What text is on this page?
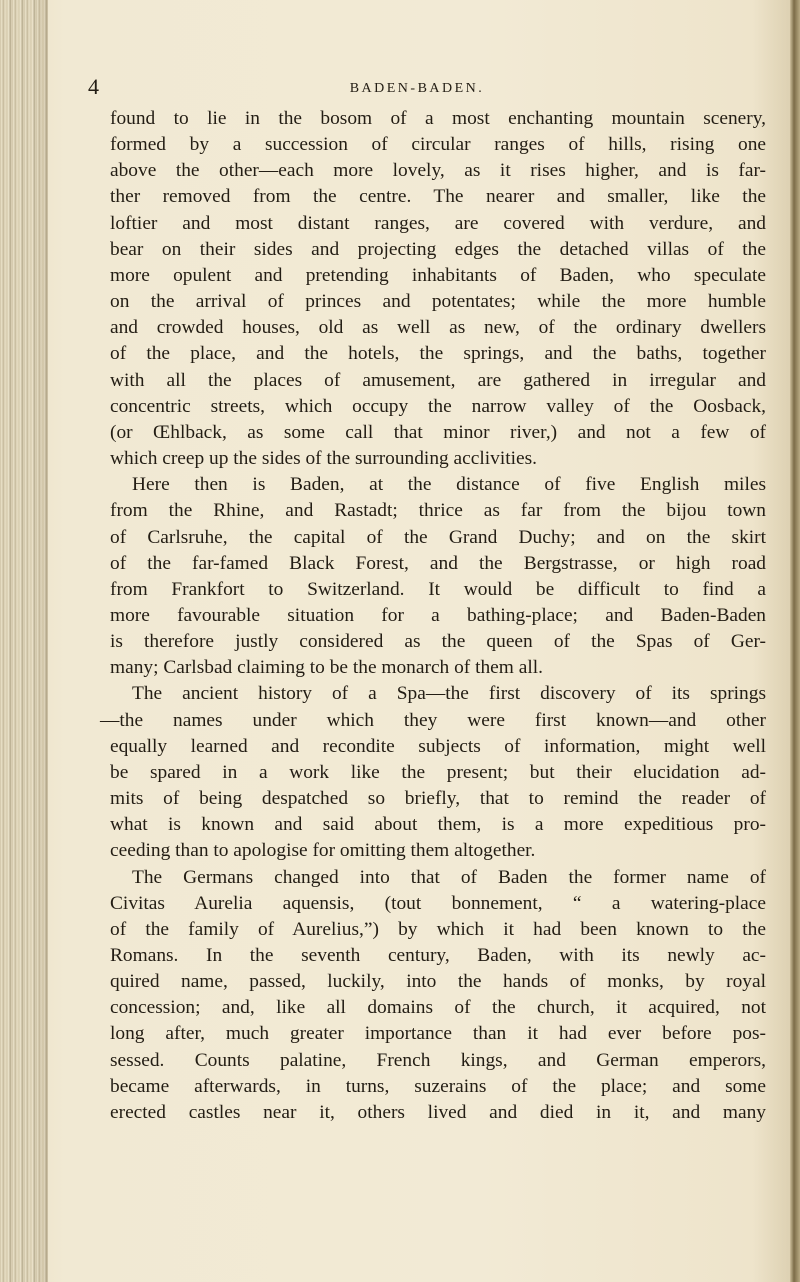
4	BADEN-BADEN.
found to lie in the bosom of a most enchanting mountain scenery,
formed by a succession of circular ranges of hills, rising one
above the other—each more lovely, as it rises higher, and is far-
ther removed from the centre. The nearer and smaller, like the
loftier and most distant ranges, are covered with verdure, and
bear on their sides and projecting edges the detached villas of the
more opulent and pretending inhabitants of Baden, who speculate
on the arrival of princes and potentates; while the more humble
and crowded houses, old as well as new, of the ordinary dwellers
of the place, and the hotels, the springs, and the baths, together
with all the places of amusement, are gathered in irregular and
concentric streets, which occupy the narrow valley of the Oosback,
(or Œhlback, as some call that minor river,) and not a few of
which creep up the sides of the surrounding acclivities.
Here then is Baden, at the distance of five English miles
from the Rhine, and Rastadt; thrice as far from the bijou town
of Carlsruhe, the capital of the Grand Duchy; and on the skirt
of the far-famed Black Forest, and the Bergstrasse, or high road
from Frankfort to Switzerland. It would be difficult to find a
more favourable situation for a bathing-place; and Baden-Baden
is therefore justly considered as the queen of the Spas of Ger-
many; Carlsbad claiming to be the monarch of them all.
The ancient history of a Spa—the first discovery of its springs
—the names under which they were first known—and other
equally learned and recondite subjects of information, might well
be spared in a work like the present; but their elucidation ad-
mits of being despatched so briefly, that to remind the reader of
what is known and said about them, is a more expeditious pro-
ceeding than to apologise for omitting them altogether.
The Germans changed into that of Baden the former name of
Civitas Aurelia aquensis, (tout bonnement, “ a watering-place
of the family of Aurelius,”) by which it had been known to the
Romans. In the seventh century, Baden, with its newly ac-
quired name, passed, luckily, into the hands of monks, by royal
concession; and, like all domains of the church, it acquired, not
long after, much greater importance than it had ever before pos-
sessed. Counts palatine, French kings, and German emperors,
became afterwards, in turns, suzerains of the place; and some
erected castles near it, others lived and died in it, and many
